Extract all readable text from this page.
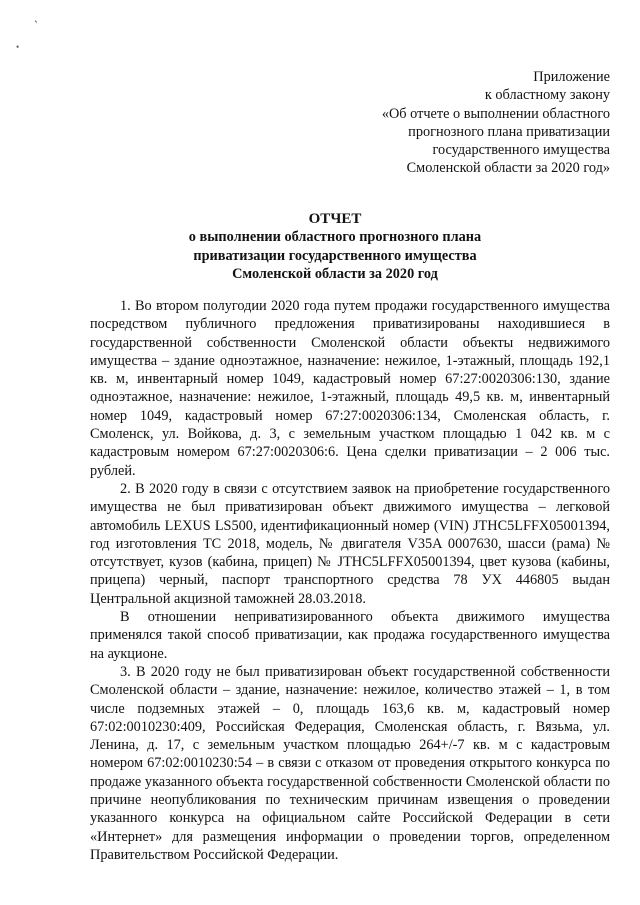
ʼ
•
Приложение
к областному закону
«Об отчете о выполнении областного
прогнозного плана приватизации
государственного имущества
Смоленской области за 2020 год»
ОТЧЕТ
о выполнении областного прогнозного плана
приватизации государственного имущества
Смоленской области за 2020 год

1. Во втором полугодии 2020 года путем продажи государственного имущества посредством публичного предложения приватизированы находившиеся в государственной собственности Смоленской области объекты недвижимого имущества – здание одноэтажное, назначение: нежилое, 1-этажный, площадь 192,1 кв. м, инвентарный номер 1049, кадастровый номер 67:27:0020306:130, здание одноэтажное, назначение: нежилое, 1-этажный, площадь 49,5 кв. м, инвентарный номер 1049, кадастровый номер 67:27:0020306:134, Смоленская область, г. Смоленск, ул. Войкова, д. 3, с земельным участком площадью 1 042 кв. м с кадастровым номером 67:27:0020306:6. Цена сделки приватизации – 2 006 тыс. рублей.

2. В 2020 году в связи с отсутствием заявок на приобретение государственного имущества не был приватизирован объект движимого имущества – легковой автомобиль LEXUS LS500, идентификационный номер (VIN) JTHC5LFFX05001394, год изготовления ТС 2018, модель, № двигателя V35A 0007630, шасси (рама) № отсутствует, кузов (кабина, прицеп) № JTHC5LFFX05001394, цвет кузова (кабины, прицепа) черный, паспорт транспортного средства 78 УХ 446805 выдан Центральной акцизной таможней 28.03.2018.

В отношении неприватизированного объекта движимого имущества применялся такой способ приватизации, как продажа государственного имущества на аукционе.

3. В 2020 году не был приватизирован объект государственной собственности Смоленской области – здание, назначение: нежилое, количество этажей – 1, в том числе подземных этажей – 0, площадь 163,6 кв. м, кадастровый номер 67:02:0010230:409, Российская Федерация, Смоленская область, г. Вязьма, ул. Ленина, д. 17, с земельным участком площадью 264+/-7 кв. м с кадастровым номером 67:02:0010230:54 – в связи с отказом от проведения открытого конкурса по продаже указанного объекта государственной собственности Смоленской области по причине неопубликования по техническим причинам извещения о проведении указанного конкурса на официальном сайте Российской Федерации в сети «Интернет» для размещения информации о проведении торгов, определенном Правительством Российской Федерации.
